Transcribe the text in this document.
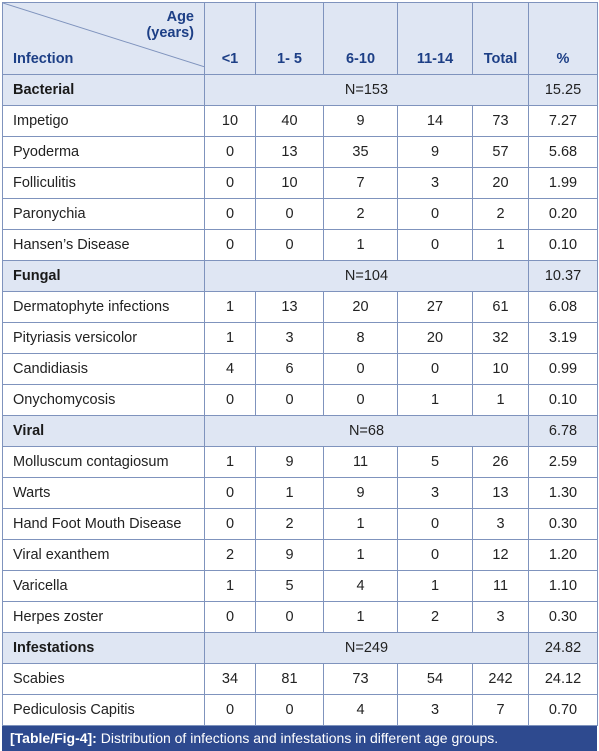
Age
(years)
Infection	<1	1- 5	6-10	11-14	Total	%
Bacterial	N=153					15.25
Impetigo	10	40	9	14	73	7.27
Pyoderma	0	13	35	9	57	5.68
Folliculitis	0	10	7	3	20	1.99
Paronychia	0	0	2	0	2	0.20
Hansen’s Disease	0	0	1	0	1	0.10
Fungal	N=104					10.37
Dermatophyte infections	1	13	20	27	61	6.08
Pityriasis versicolor	1	3	8	20	32	3.19
Candidiasis	4	6	0	0	10	0.99
Onychomycosis	0	0	0	1	1	0.10
Viral	N=68					6.78
Molluscum contagiosum	1	9	11	5	26	2.59
Warts	0	1	9	3	13	1.30
Hand Foot Mouth Disease	0	2	1	0	3	0.30
Viral exanthem	2	9	1	0	12	1.20
Varicella	1	5	4	1	11	1.10
Herpes zoster	0	0	1	2	3	0.30
Infestations	N=249					24.82
Scabies	34	81	73	54	242	24.12
Pediculosis Capitis	0	0	4	3	7	0.70
[Table/Fig-4]: Distribution of infections and infestations in different age groups.
